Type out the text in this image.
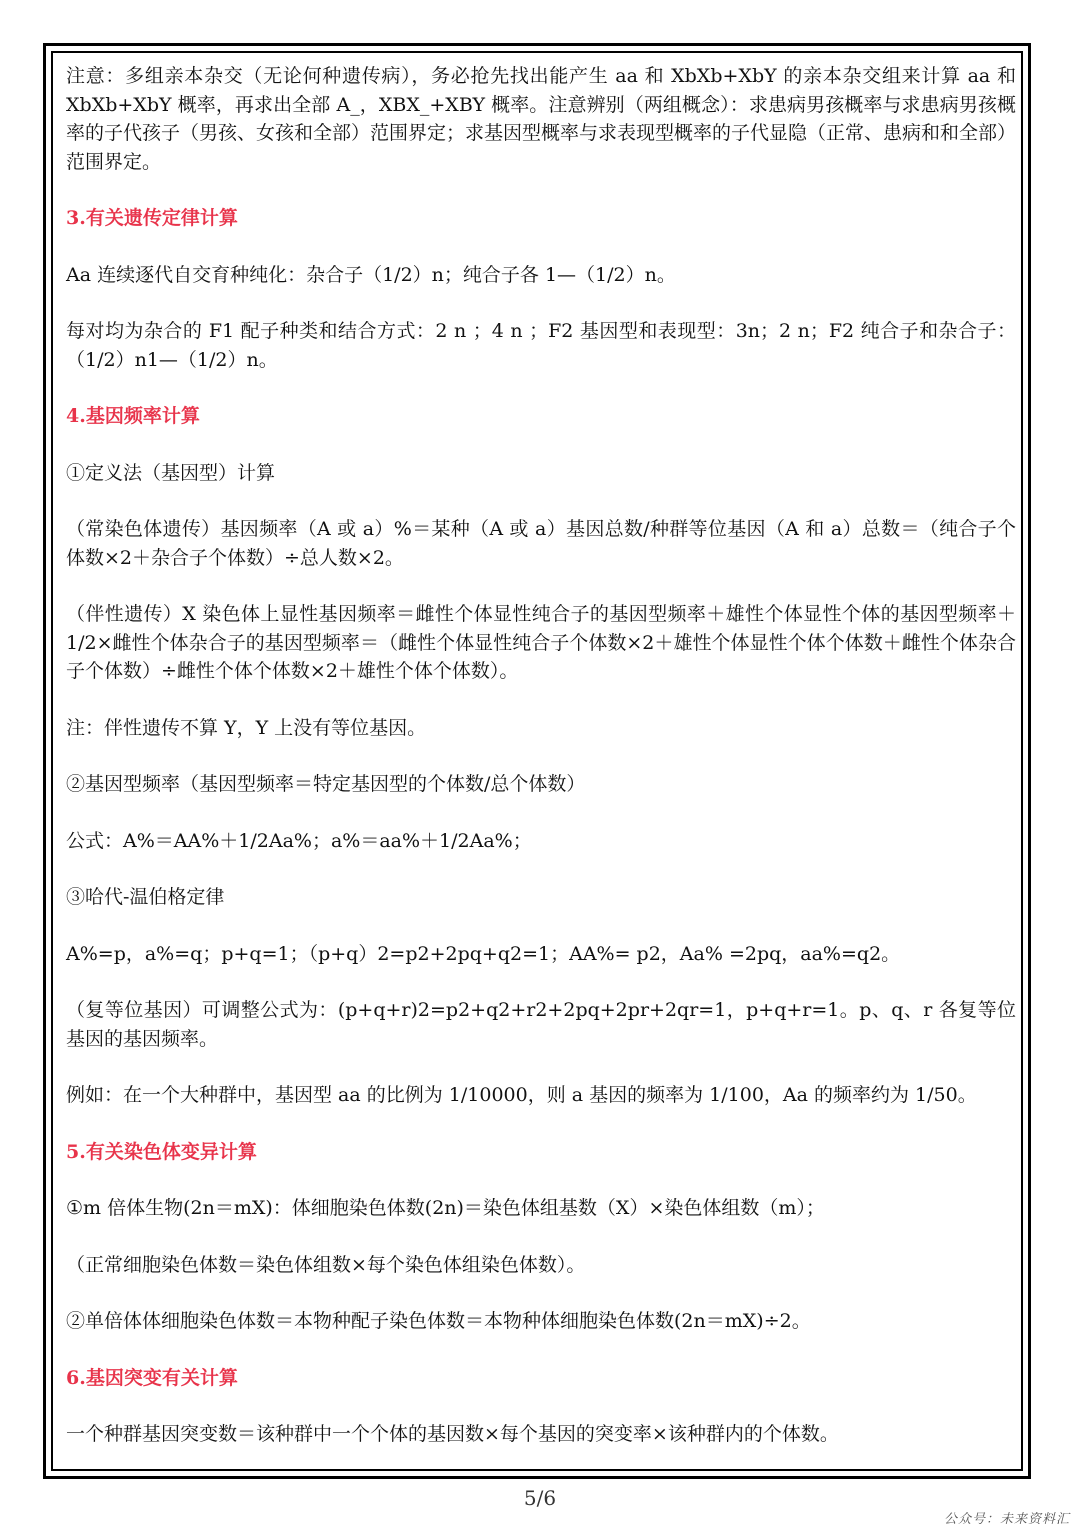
注意：多组亲本杂交（无论何种遗传病），务必抢先找出能产生 aa 和 XbXb+XbY 的亲本杂交组来计算 aa 和 XbXb+XbY 概率，再求出全部 A_，XBX_+XBY 概率。注意辨别（两组概念）：求患病男孩概率与求患病男孩概率的子代孩子（男孩、女孩和全部）范围界定；求基因型概率与求表现型概率的子代显隐（正常、患病和和全部）范围界定。

3.有关遗传定律计算

Aa 连续逐代自交育种纯化：杂合子（1/2）n；纯合子各 1—（1/2）n。

每对均为杂合的 F1 配子种类和结合方式：2 n ；4 n ；F2 基因型和表现型：3n；2 n；F2 纯合子和杂合子：（1/2）n1—（1/2）n。

4.基因频率计算

①定义法（基因型）计算

（常染色体遗传）基因频率（A 或 a）%＝某种（A 或 a）基因总数/种群等位基因（A 和 a）总数＝（纯合子个体数×2＋杂合子个体数）÷总人数×2。

（伴性遗传）X 染色体上显性基因频率＝雌性个体显性纯合子的基因型频率＋雄性个体显性个体的基因型频率＋1/2×雌性个体杂合子的基因型频率＝（雌性个体显性纯合子个体数×2＋雄性个体显性个体个体数＋雌性个体杂合子个体数）÷雌性个体个体数×2＋雄性个体个体数）。

注：伴性遗传不算 Y，Y 上没有等位基因。

②基因型频率（基因型频率＝特定基因型的个体数/总个体数）

公式：A%＝AA%＋1/2Aa%；a%＝aa%＋1/2Aa%；

③哈代-温伯格定律

A%=p，a%=q；p+q=1；（p+q）2=p2+2pq+q2=1；AA%= p2，Aa% =2pq，aa%=q2。

（复等位基因）可调整公式为：(p+q+r)2=p2+q2+r2+2pq+2pr+2qr=1，p+q+r=1。p、q、r 各复等位基因的基因频率。

例如：在一个大种群中，基因型 aa 的比例为 1/10000，则 a 基因的频率为 1/100，Aa 的频率约为 1/50。

5.有关染色体变异计算

①m 倍体生物(2n＝mX)：体细胞染色体数(2n)＝染色体组基数（X）×染色体组数（m）；

（正常细胞染色体数＝染色体组数×每个染色体组染色体数）。

②单倍体体细胞染色体数＝本物种配子染色体数＝本物种体细胞染色体数(2n＝mX)÷2。

6.基因突变有关计算

一个种群基因突变数＝该种群中一个个体的基因数×每个基因的突变率×该种群内的个体数。

5/6
公众号：未来资料汇
